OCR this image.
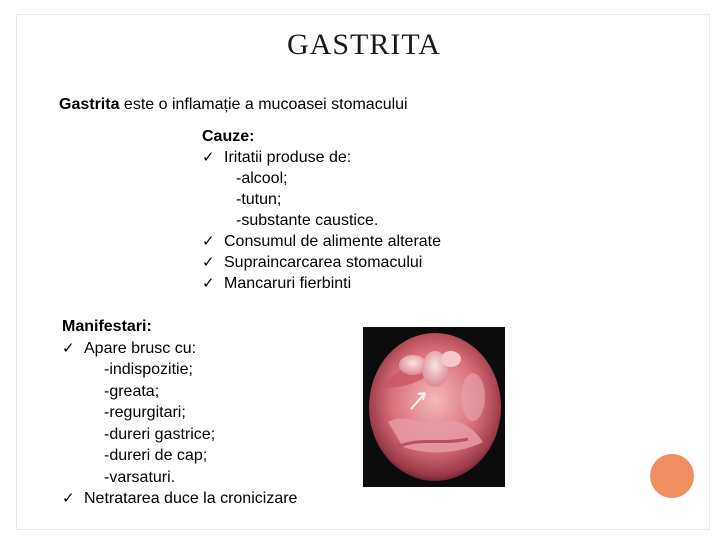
GASTRITA
Gastrita este o inflamație a mucoasei stomacului
Cauze:
✓ Iritatii produse de:
-alcool;
-tutun;
-substante caustice.
✓ Consumul de alimente alterate
✓ Supraincarcarea stomacului
✓ Mancaruri fierbinti
Manifestari:
✓ Apare brusc cu:
-indispozitie;
-greata;
-regurgitari;
-dureri gastrice;
-dureri de cap;
-varsaturi.
✓ Netratarea duce la cronicizare
